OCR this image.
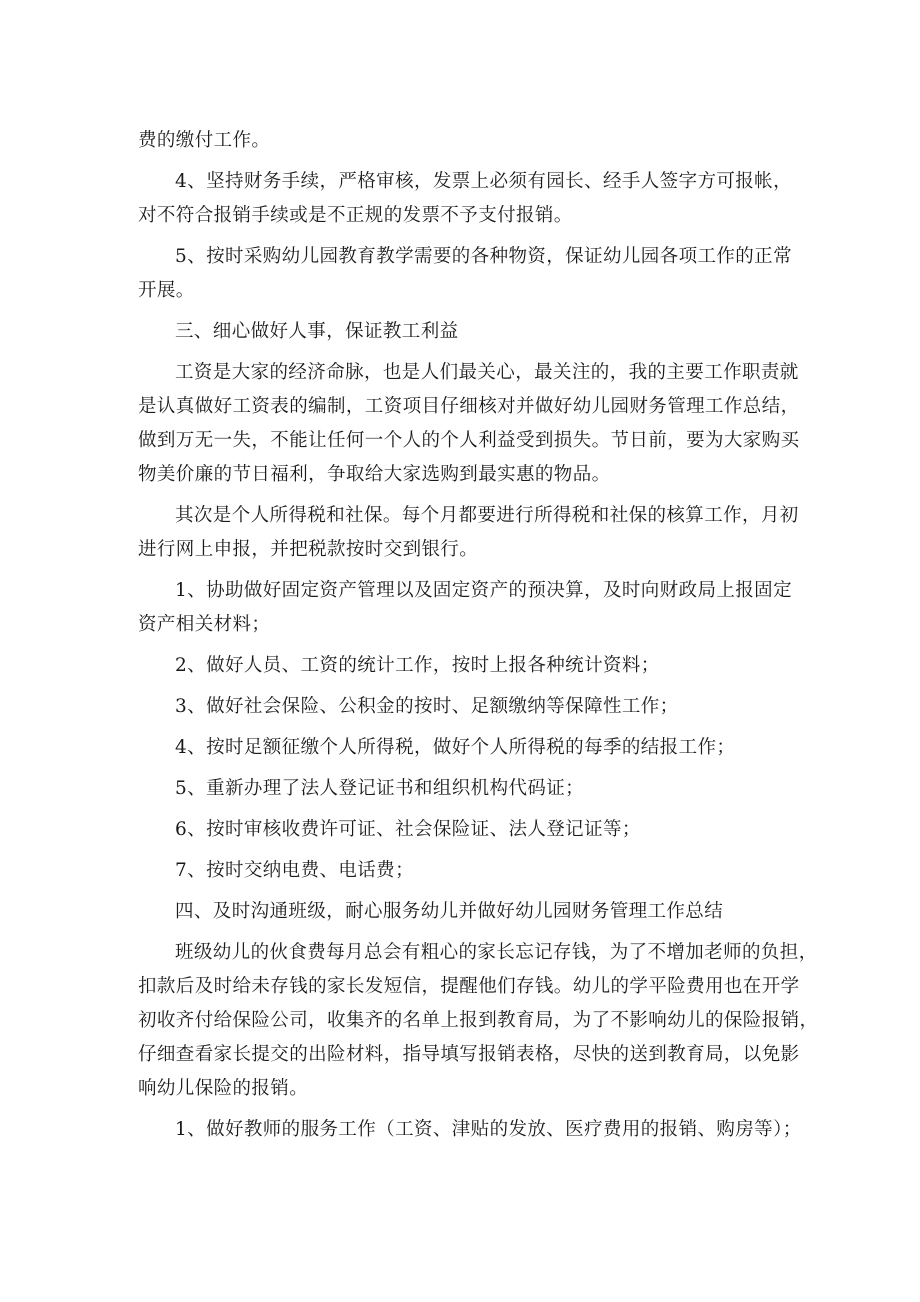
费的缴付工作。

4、坚持财务手续，严格审核，发票上必须有园长、经手人签字方可报帐，
对不符合报销手续或是不正规的发票不予支付报销。

5、按时采购幼儿园教育教学需要的各种物资，保证幼儿园各项工作的正常
开展。

三、细心做好人事，保证教工利益

工资是大家的经济命脉，也是人们最关心，最关注的，我的主要工作职责就
是认真做好工资表的编制，工资项目仔细核对并做好幼儿园财务管理工作总结，
做到万无一失，不能让任何一个人的个人利益受到损失。节日前，要为大家购买
物美价廉的节日福利，争取给大家选购到最实惠的物品。

其次是个人所得税和社保。每个月都要进行所得税和社保的核算工作，月初
进行网上申报，并把税款按时交到银行。

1、协助做好固定资产管理以及固定资产的预决算，及时向财政局上报固定
资产相关材料；

2、做好人员、工资的统计工作，按时上报各种统计资料；

3、做好社会保险、公积金的按时、足额缴纳等保障性工作；

4、按时足额征缴个人所得税，做好个人所得税的每季的结报工作；

5、重新办理了法人登记证书和组织机构代码证；

6、按时审核收费许可证、社会保险证、法人登记证等；

7、按时交纳电费、电话费；

四、及时沟通班级，耐心服务幼儿并做好幼儿园财务管理工作总结

班级幼儿的伙食费每月总会有粗心的家长忘记存钱，为了不增加老师的负担，
扣款后及时给未存钱的家长发短信，提醒他们存钱。幼儿的学平险费用也在开学
初收齐付给保险公司，收集齐的名单上报到教育局，为了不影响幼儿的保险报销，
仔细查看家长提交的出险材料，指导填写报销表格，尽快的送到教育局，以免影
响幼儿保险的报销。

1、做好教师的服务工作（工资、津贴的发放、医疗费用的报销、购房等）；
